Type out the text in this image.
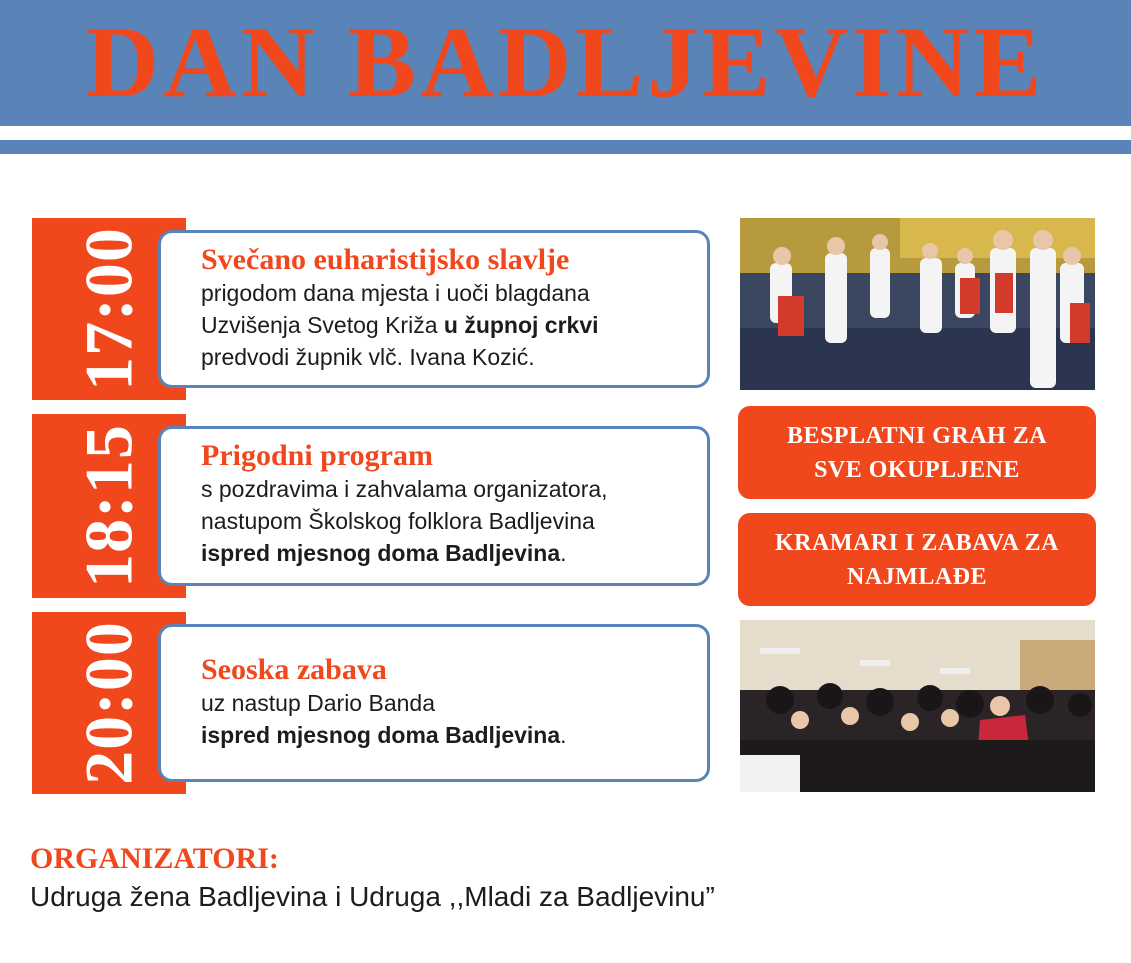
DAN BADLJEVINE
17:00 Svečano euharistijsko slavlje
prigodom dana mjesta i uoči blagdana
Uzvišenja Svetog Križa u župnoj crkvi
predvodi župnik vlč. Ivana Kozić.
18:15 Prigodni program
s pozdravima i zahvalama organizatora,
nastupom Školskog folklora Badljevina
ispred mjesnog doma Badljevina.
20:00 Seoska zabava
uz nastup Dario Banda
ispred mjesnog doma Badljevina.
BESPLATNI GRAH ZA
SVE OKUPLJENE
KRAMARI I ZABAVA ZA
NAJMLAĐE
ORGANIZATORI:
Udruga žena Badljevina i Udruga ,,Mladi za Badljevinu”
